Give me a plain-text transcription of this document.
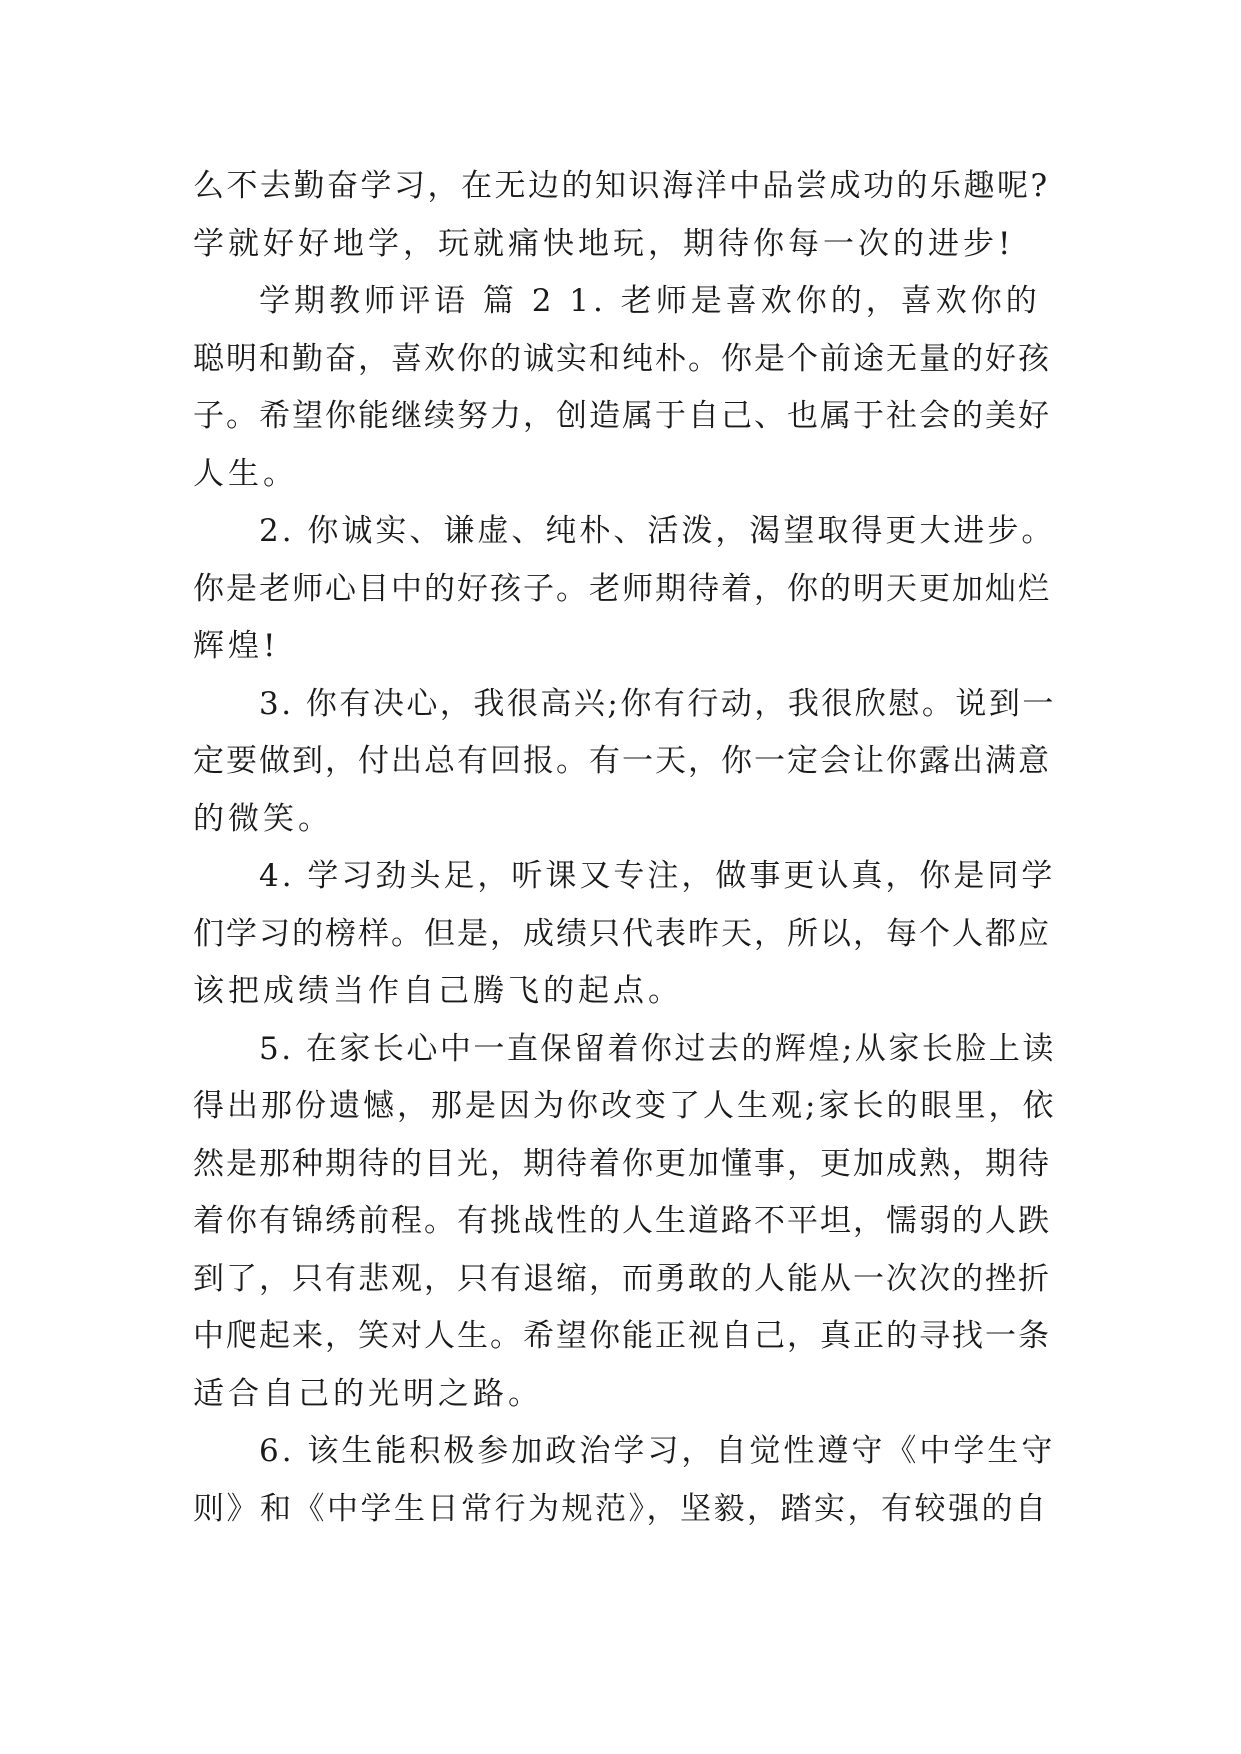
么不去勤奋学习，在无边的知识海洋中品尝成功的乐趣呢?
学就好好地学，玩就痛快地玩，期待你每一次的进步!
学期教师评语 篇 2 1. 老师是喜欢你的，喜欢你的
聪明和勤奋，喜欢你的诚实和纯朴。你是个前途无量的好孩
子。希望你能继续努力，创造属于自己、也属于社会的美好
人生。
2. 你诚实、谦虚、纯朴、活泼，渴望取得更大进步。
你是老师心目中的好孩子。老师期待着，你的明天更加灿烂
辉煌!
3. 你有决心，我很高兴;你有行动，我很欣慰。说到一
定要做到，付出总有回报。有一天，你一定会让你露出满意
的微笑。
4. 学习劲头足，听课又专注，做事更认真，你是同学
们学习的榜样。但是，成绩只代表昨天，所以，每个人都应
该把成绩当作自己腾飞的起点。
5. 在家长心中一直保留着你过去的辉煌;从家长脸上读
得出那份遗憾，那是因为你改变了人生观;家长的眼里，依
然是那种期待的目光，期待着你更加懂事，更加成熟，期待
着你有锦绣前程。有挑战性的人生道路不平坦，懦弱的人跌
到了，只有悲观，只有退缩，而勇敢的人能从一次次的挫折
中爬起来，笑对人生。希望你能正视自己，真正的寻找一条
适合自己的光明之路。
6. 该生能积极参加政治学习，自觉性遵守《中学生守
则》和《中学生日常行为规范》，坚毅，踏实，有较强的自
